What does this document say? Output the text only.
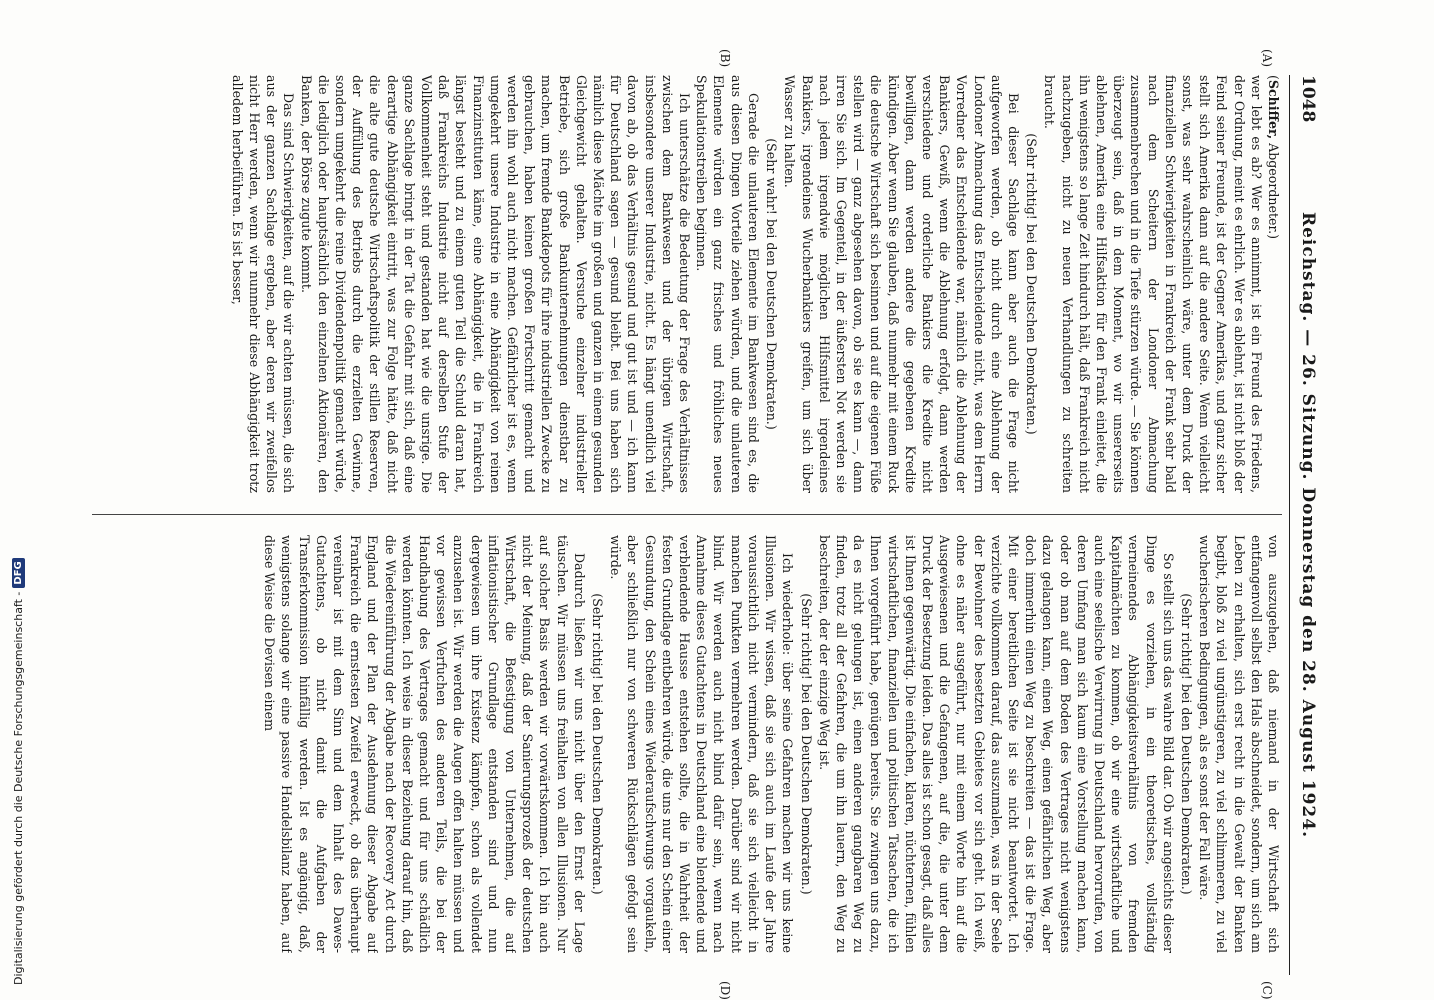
Digitalisierung gefördert durch die Deutsche Forschungsgemeinschaft -
DFG
1048
Reichstag. — 26. Sitzung. Donnerstag den 28. August 1924.
(A)
(B)
(C)
(D)

(Schiffer, Abgeordneter.)

wer lebt es ab? Wer es annimmt, ist ein Freund des Friedens, der Ordnung, meint es ehrlich. Wer es ablehnt, ist nicht bloß der Feind seiner Freunde, ist der Gegner Amerikas, und ganz sicher stellt sich Amerika dann auf die andere Seite. Wenn vielleicht sonst, was sehr wahrscheinlich wäre, unter dem Druck der finanziellen Schwierigkeiten in Frankreich der Frank sehr bald nach dem Scheitern der Londoner Abmachung zusammenbrechen und in die Tiefe stürzen würde. — Sie können überzeugt sein, daß in dem Moment, wo wir unsererseits ablehnen, Amerika eine Hilfsaktion für den Frank einleitet, die ihn wenigstens so lange Zeit hindurch hält, daß Frankreich nicht nachzugeben, nicht zu neuen Verhandlungen zu schreiten braucht.

(Sehr richtig! bei den Deutschen Demokraten.)

Bei dieser Sachlage kann aber auch die Frage nicht aufgeworfen werden, ob nicht durch eine Ablehnung der Londoner Abmachung das Entscheidende nicht, was dem Herrn Vorredner das Entscheidende war, nämlich die Ablehnung der Bankiers, Gewiß, wenn die Ablehnung erfolgt, dann werden verschiedene und orderliche Bankiers die Kredite nicht bewilligen, dann werden andere die gegebenen Kredite kündigen. Aber wenn Sie glauben, daß nunmehr mit einem Ruck die deutsche Wirtschaft sich besinnen und auf die eigenen Füße stellen wird — ganz abgesehen davon, ob sie es kann —, dann irren Sie sich. Im Gegenteil, in der äußersten Not werden sie nach jedem irgendwie möglichen Hilfsmittel irgendeines Bankiers, irgendeines Wucherbankiers greifen, um sich über Wasser zu halten.

(Sehr wahr! bei den Deutschen Demokraten.)

Gerade die unlauteren Elemente im Bankwesen sind es, die aus diesen Dingen Vorteile ziehen würden, und die unlauteren Elemente würden ein ganz frisches und fröhliches neues Spekulationstreiben beginnen.

Ich unterschätze die Bedeutung der Frage des Verhältnisses zwischen dem Bankwesen und der übrigen Wirtschaft, insbesondere unserer Industrie, nicht. Es hängt unendlich viel davon ab, ob das Verhältnis gesund und gut ist und — ich kann für Deutschland sagen — gesund bleibt. Bei uns haben sich nämlich diese Mächte im großen und ganzen in einem gesunden Gleichgewicht gehalten. Versuche einzelner industrieller Betriebe, sich große Bankunternehmungen dienstbar zu machen, um fremde Bankdepots für ihre industriellen Zwecke zu gebrauchen, haben keinen großen Fortschritt gemacht und werden ihn wohl auch nicht machen. Gefährlicher ist es, wenn umgekehrt unsere Industrie in eine Abhängigkeit von reinen Finanzinstituten käme, eine Abhängigkeit, die in Frankreich längst besteht und zu einem guten Teil die Schuld daran hat, daß Frankreichs Industrie nicht auf derselben Stufe der Vollkommenheit steht und gestanden hat wie die unsrige. Die ganze Sachlage bringt in der Tat die Gefahr mit sich, daß eine derartige Abhängigkeit eintritt, was zur Folge hätte, daß nicht die alte gute deutsche Wirtschaftspolitik der stillen Reserven, der Auffüllung des Betriebs durch die erzielten Gewinne, sondern umgekehrt die reine Dividendenpolitik gemacht würde, die lediglich oder hauptsächlich den einzelnen Aktionären, den Banken, der Börse zugute kommt.

Das sind Schwierigkeiten, auf die wir achten müssen, die sich aus der ganzen Sachlage ergeben, aber deren wir zweifellos nicht Herr werden, wenn wir nunmehr diese Abhängigkeit trotz alledem herbeiführen. Es ist besser,

von auszugehen, daß niemand in der Wirtschaft sich entfangenvoll selbst den Hals abschneidet, sondern, um sich am Leben zu erhalten, sich erst recht in die Gewalt der Banken begibt, bloß zu viel ungünstigeren, zu viel schlimmeren, zu viel wucherischeren Bedingungen, als es sonst der Fall wäre.

(Sehr richtig! bei den Deutschen Demokraten.)

So stellt sich uns das wahre Bild dar. Ob wir angesichts dieser Dinge es vorziehen, in ein theoretisches, vollständig verneinendes Abhängigkeitsverhältnis von fremden Kapitalmächten zu kommen, ob wir eine wirtschaftliche und auch eine seelische Verwirrung in Deutschland hervorrufen, von deren Umfang man sich kaum eine Vorstellung machen kann, oder ob man auf dem Boden des Vertrages nicht wenigstens dazu gelangen kann, einen Weg, einen gefährlichen Weg, aber doch immerhin einen Weg zu beschreiten — das ist die Frage. Mit einer bereitlichen Seite ist sie nicht beantwortet. Ich verzichte vollkommen darauf, das auszumalen, was in der Seele der Bewohner des besetzten Gebietes vor sich geht. Ich weiß, ohne es näher ausgeführt, nur mit einem Worte hin auf die Ausgewiesenen und die Gefangenen, auf die, die unter dem Druck der Besetzung leiden. Das alles ist schon gesagt, daß alles ist Ihnen gegenwärtig. Die einfachen, klaren, nüchternen, fühlen wirtschaftlichen, finanziellen und politischen Tatsachen, die ich Ihnen vorgeführt habe, genügen bereits. Sie zwingen uns dazu, da es nicht gelungen ist, einen anderen gangbaren Weg zu finden, trotz all der Gefahren, die um ihn lauern, den Weg zu beschreiten, der der einzige Weg ist.

(Sehr richtig! bei den Deutschen Demokraten.)

Ich wiederhole: über seine Gefahren machen wir uns keine Illusionen. Wir wissen, daß sie sich auch im Laufe der Jahre voraussichtlich nicht vermindern, daß sie sich vielleicht in manchen Punkten vermehren werden. Darüber sind wir nicht blind. Wir werden auch nicht blind dafür sein, wenn nach Annahme dieses Gutachtens in Deutschland eine blendende und verblendende Hausse entstehen sollte, die in Wahrheit der festen Grundlage entbehren würde, die uns nur den Schein einer Gesundung, den Schein eines Wiederaufschwungs vorgaukeln, aber schließlich nur von schweren Rückschlägen gefolgt sein würde.

(Sehr richtig! bei den Deutschen Demokraten.)

Dadurch ließen wir uns nicht über den Ernst der Lage täuschen. Wir müssen uns freihalten von allen Illusionen. Nur auf solcher Basis werden wir vorwärtskommen. Ich bin auch nicht der Meinung, daß der Sanierungsprozeß der deutschen Wirtschaft, die Befestigung von Unternehmen, die auf inflationistischer Grundlage entstanden sind und nun dergewiesen um ihre Existenz kämpfen, schon als vollendet anzusehen ist. Wir werden die Augen offen halten müssen und vor gewissen Verfuchen des anderen Teils, die bei der Handhabung des Vertrages gemacht und für uns schädlich werden könnten. Ich weise in dieser Beziehung darauf hin, daß die Wiedereinführung der Abgabe nach der Recovery Act durch England und der Plan der Ausdehnung dieser Abgabe auf Frankreich die ernstesten Zweifel erweckt, ob das überhaupt vereinbar ist mit dem Sinn und dem Inhalt des Dawes-Gutachtens, ob nicht damit die Aufgaben der Transferkommission hinfällig werden. Ist es angängig, daß, wenigstens solange wir eine passive Handelsbilanz haben, auf diese Weise die Devisen einem
